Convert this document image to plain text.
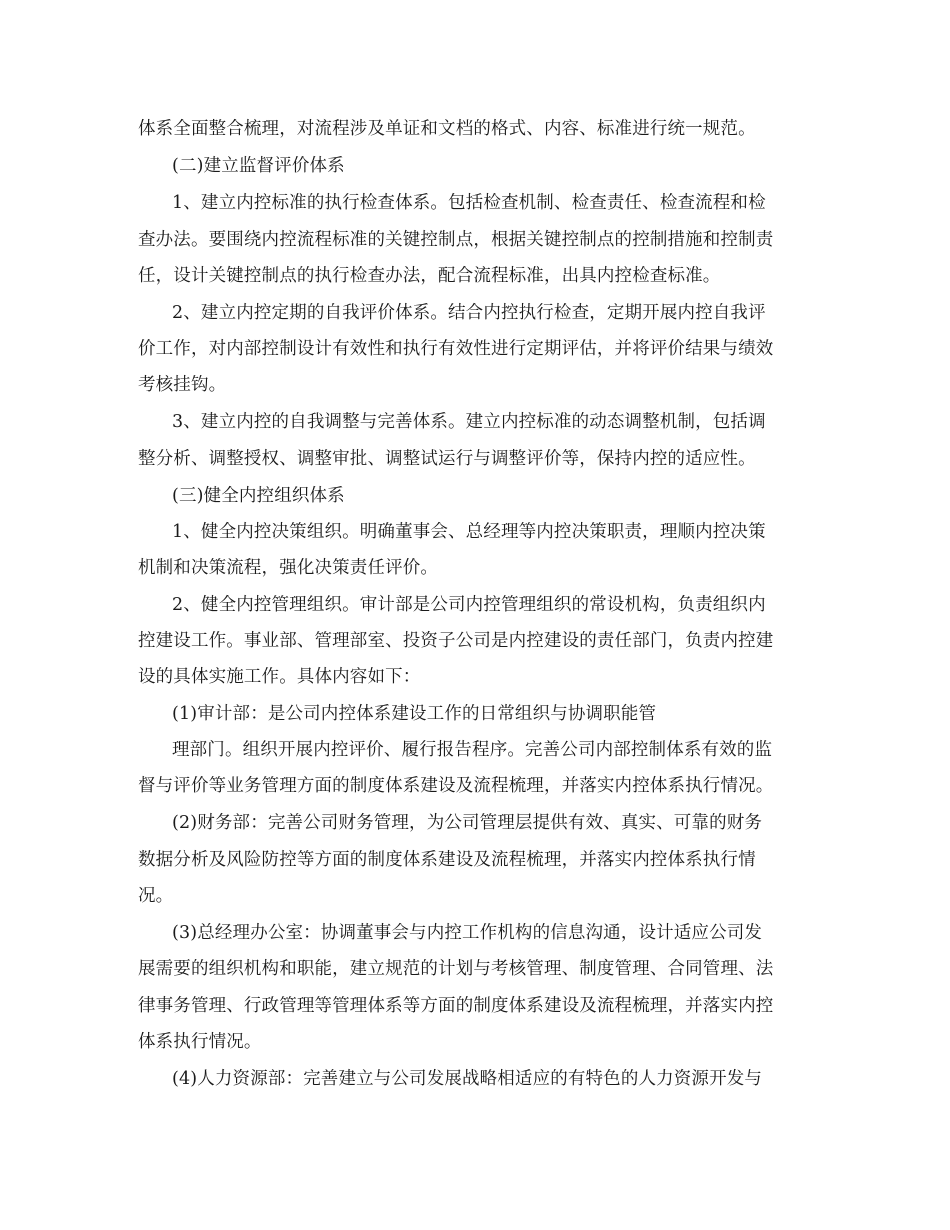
体系全面整合梳理，对流程涉及单证和文档的格式、内容、标准进行统一规范。
(二)建立监督评价体系
1、建立内控标准的执行检查体系。包括检查机制、检查责任、检查流程和检
查办法。要围绕内控流程标准的关键控制点，根据关键控制点的控制措施和控制责
任，设计关键控制点的执行检查办法，配合流程标准，出具内控检查标准。
2、建立内控定期的自我评价体系。结合内控执行检查，定期开展内控自我评
价工作，对内部控制设计有效性和执行有效性进行定期评估，并将评价结果与绩效
考核挂钩。
3、建立内控的自我调整与完善体系。建立内控标准的动态调整机制，包括调
整分析、调整授权、调整审批、调整试运行与调整评价等，保持内控的适应性。
(三)健全内控组织体系
1、健全内控决策组织。明确董事会、总经理等内控决策职责，理顺内控决策
机制和决策流程，强化决策责任评价。
2、健全内控管理组织。审计部是公司内控管理组织的常设机构，负责组织内
控建设工作。事业部、管理部室、投资子公司是内控建设的责任部门，负责内控建
设的具体实施工作。具体内容如下：
(1)审计部：是公司内控体系建设工作的日常组织与协调职能管
理部门。组织开展内控评价、履行报告程序。完善公司内部控制体系有效的监
督与评价等业务管理方面的制度体系建设及流程梳理，并落实内控体系执行情况。
(2)财务部：完善公司财务管理，为公司管理层提供有效、真实、可靠的财务
数据分析及风险防控等方面的制度体系建设及流程梳理，并落实内控体系执行情
况。
(3)总经理办公室：协调董事会与内控工作机构的信息沟通，设计适应公司发
展需要的组织机构和职能，建立规范的计划与考核管理、制度管理、合同管理、法
律事务管理、行政管理等管理体系等方面的制度体系建设及流程梳理，并落实内控
体系执行情况。
(4)人力资源部：完善建立与公司发展战略相适应的有特色的人力资源开发与
